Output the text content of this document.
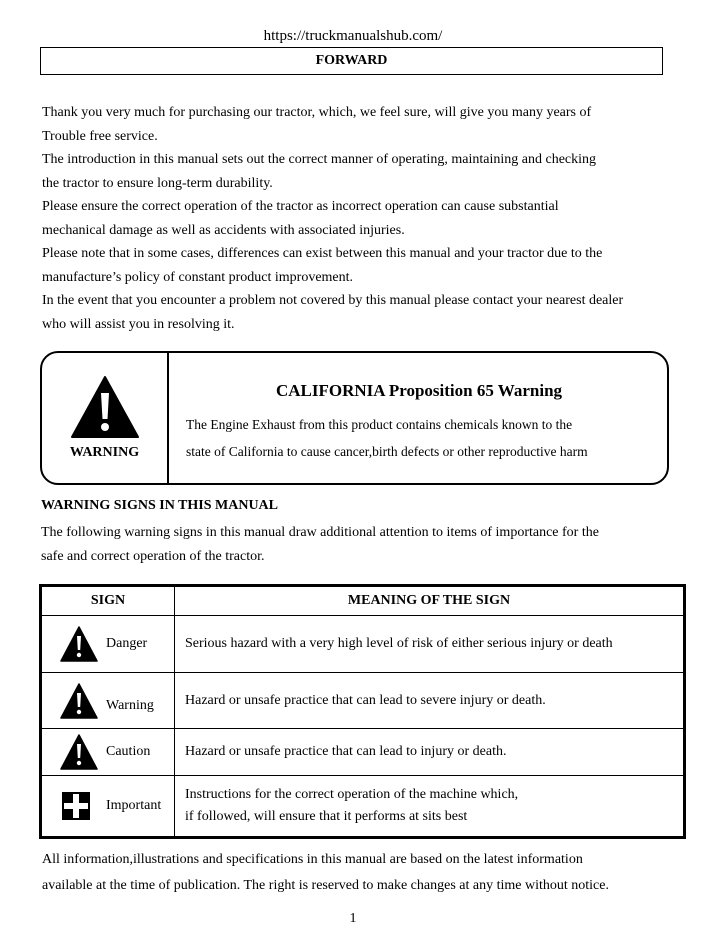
https://truckmanualshub.com/
FORWARD

Thank you very much for purchasing our tractor, which, we feel sure, will give you many years of

Trouble free service.

The introduction in this manual sets out the correct manner of operating, maintaining and checking

the tractor to ensure long-term durability.

Please ensure the correct operation of the tractor as incorrect operation can cause substantial

mechanical damage as well as accidents with associated injuries.

Please note that in some cases, differences can exist between this manual and your tractor due to the

manufacture’s policy of constant product improvement.

In the event that you encounter a problem not covered by this manual please contact your nearest dealer

who will assist you in resolving it.

WARNING
CALIFORNIA Proposition 65 Warning

The Engine Exhaust from this product contains chemicals known to the

state of California to cause cancer,birth defects or other reproductive harm

WARNING SIGNS IN THIS MANUAL

The following warning signs in this manual draw additional attention to items of importance for the

safe and correct operation of the tractor.

SIGN	MEANING OF THE SIGN

Danger	Serious hazard with a very high level of risk of either serious injury or death

Warning	Hazard or unsafe practice that can lead to severe injury or death.

Caution	Hazard or unsafe practice that can lead to injury or death.

Important	Instructions for the correct operation of the machine which,

if followed, will ensure that it performs at sits best

All information,illustrations and specifications in this manual are based on the latest information

available at the time of publication. The right is reserved to make changes at any time without notice.

1
